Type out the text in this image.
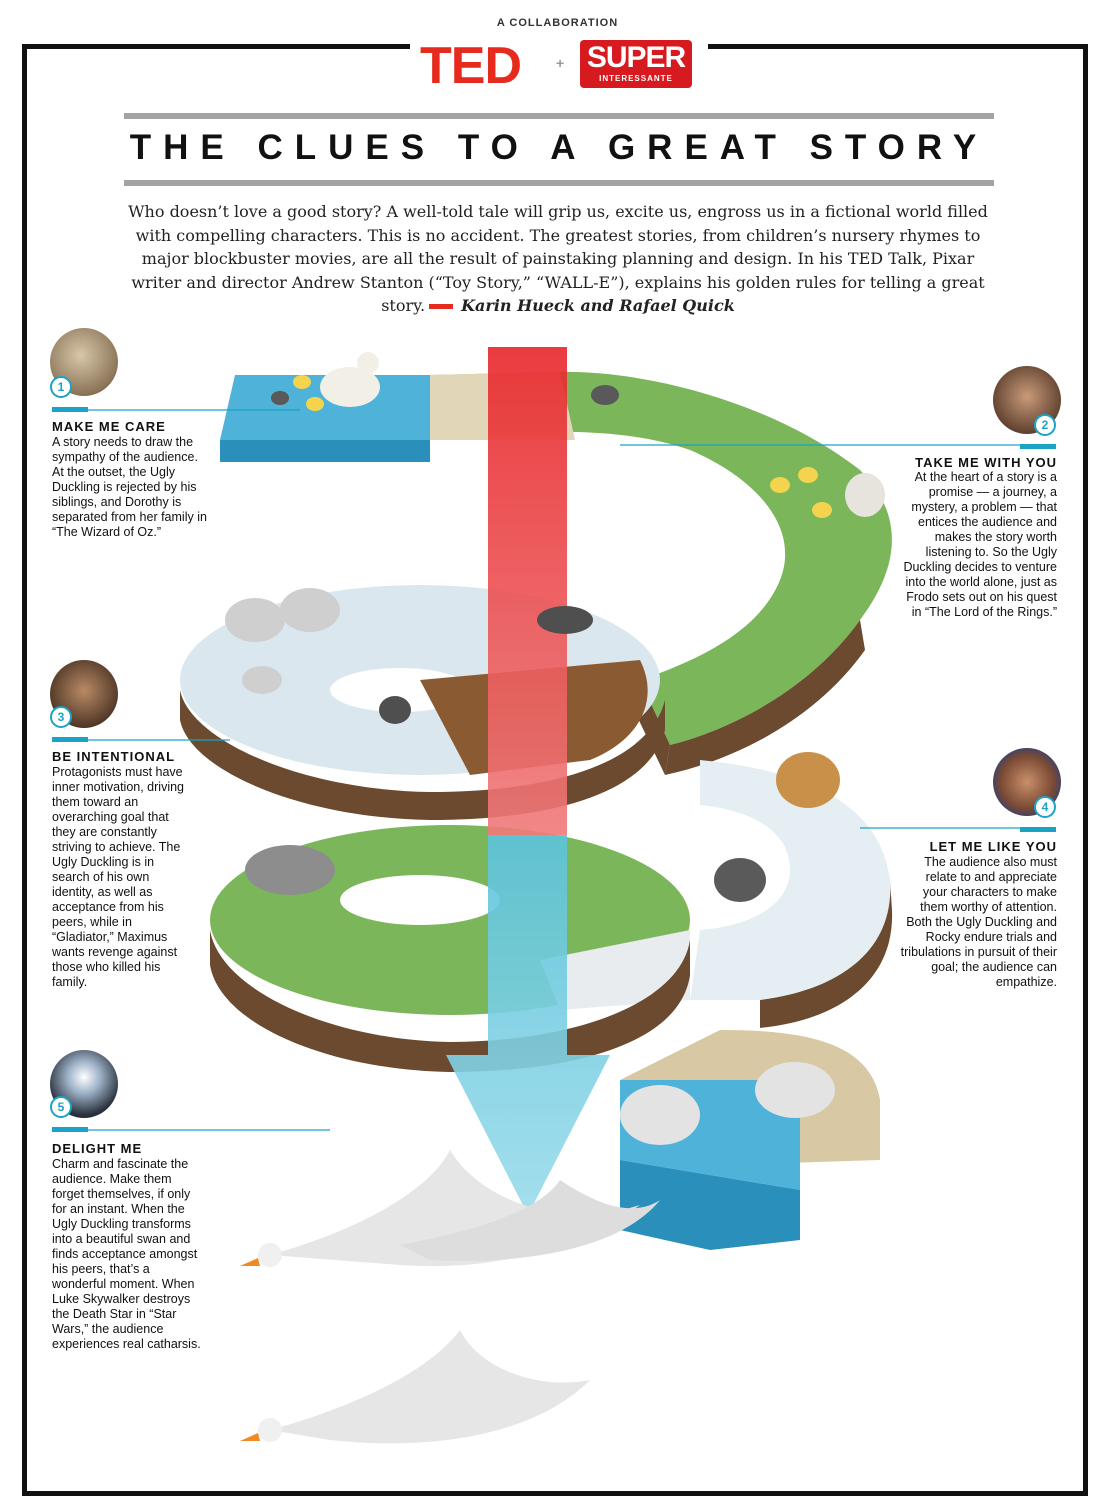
A COLLABORATION
TED	+ SUPER
INTERESSANTE
THE CLUES TO A GREAT STORY
Who doesn’t love a good story? A well-told tale will grip us, excite us, engross us in a fictional world filled with compelling characters. This is no accident. The greatest stories, from children’s nursery rhymes to major blockbuster movies, are all the result of painstaking planning and design. In his TED Talk, Pixar writer and director Andrew Stanton (“Toy Story,” “WALL-E”), explains his golden rules for telling a great story. Karin Hueck and Rafael Quick
1
MAKE ME CARE
A story needs to draw the sympathy of the audience. At the outset, the Ugly Duckling is rejected by his siblings, and Dorothy is separated from her family in “The Wizard of Oz.”
2
TAKE ME WITH YOU
At the heart of a story is a promise — a journey, a mystery, a problem — that entices the audience and makes the story worth listening to. So the Ugly Duckling decides to venture into the world alone, just as Frodo sets out on his quest in “The Lord of the Rings.”
3
BE INTENTIONAL
Protagonists must have inner motivation, driving them toward an overarching goal that they are constantly striving to achieve. The Ugly Duckling is in search of his own identity, as well as acceptance from his peers, while in “Gladiator,” Maximus wants revenge against those who killed his family.
4
LET ME LIKE YOU
The audience also must relate to and appreciate your characters to make them worthy of attention. Both the Ugly Duckling and Rocky endure trials and tribulations in pursuit of their goal; the audience can empathize.
5
DELIGHT ME
Charm and fascinate the audience. Make them forget themselves, if only for an instant. When the Ugly Duckling transforms into a beautiful swan and finds acceptance amongst his peers, that’s a wonderful moment. When Luke Skywalker destroys the Death Star in “Star Wars,” the audience experiences real catharsis.
